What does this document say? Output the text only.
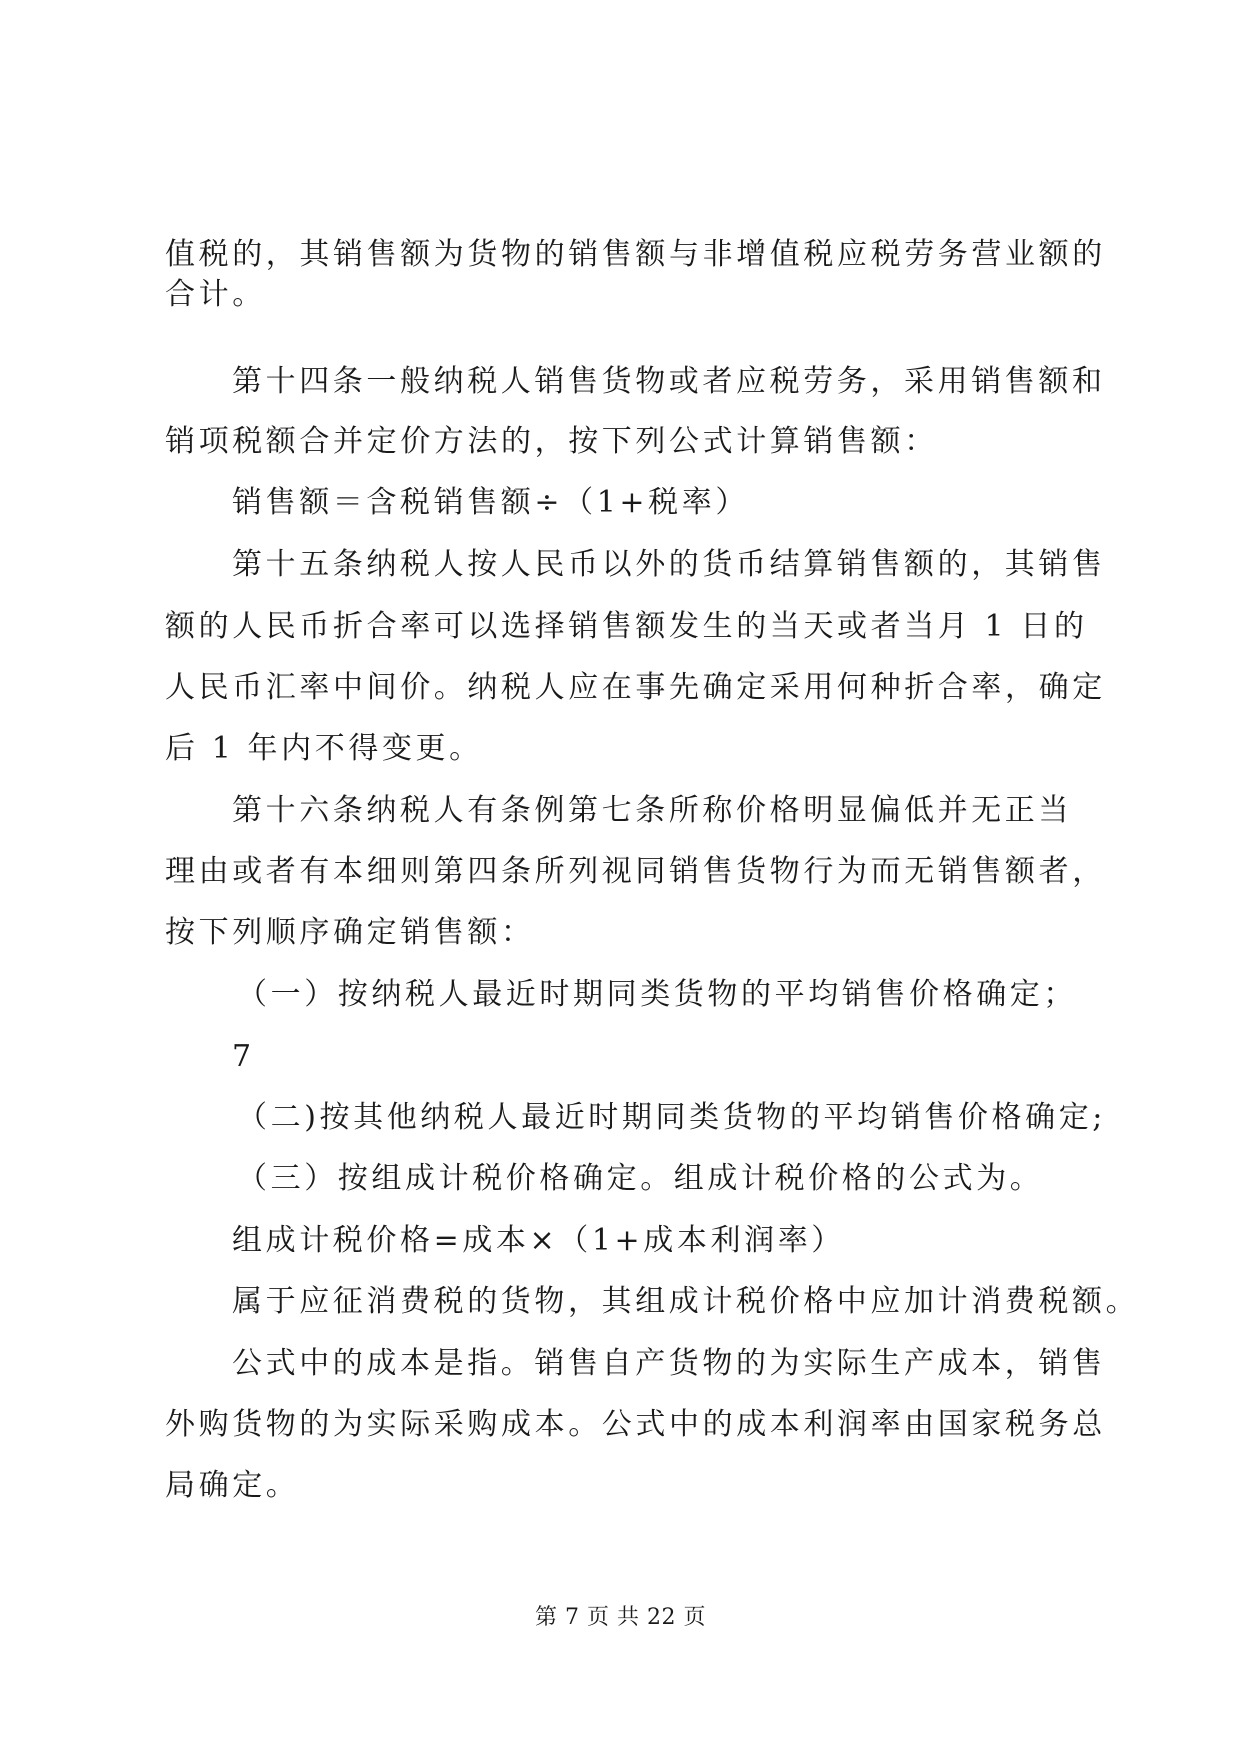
值税的，其销售额为货物的销售额与非增值税应税劳务营业额的
合计。
第十四条一般纳税人销售货物或者应税劳务，采用销售额和
销项税额合并定价方法的，按下列公式计算销售额：
销售额＝含税销售额÷（1+税率）
第十五条纳税人按人民币以外的货币结算销售额的，其销售
额的人民币折合率可以选择销售额发生的当天或者当月 1 日的
人民币汇率中间价。纳税人应在事先确定采用何种折合率，确定
后 1 年内不得变更。
第十六条纳税人有条例第七条所称价格明显偏低并无正当
理由或者有本细则第四条所列视同销售货物行为而无销售额者，
按下列顺序确定销售额：
（一）按纳税人最近时期同类货物的平均销售价格确定；
7
（二)按其他纳税人最近时期同类货物的平均销售价格确定;
（三）按组成计税价格确定。组成计税价格的公式为。
组成计税价格=成本×（1+成本利润率）
属于应征消费税的货物，其组成计税价格中应加计消费税额。
公式中的成本是指。销售自产货物的为实际生产成本，销售
外购货物的为实际采购成本。公式中的成本利润率由国家税务总
局确定。
第 7 页 共 22 页
